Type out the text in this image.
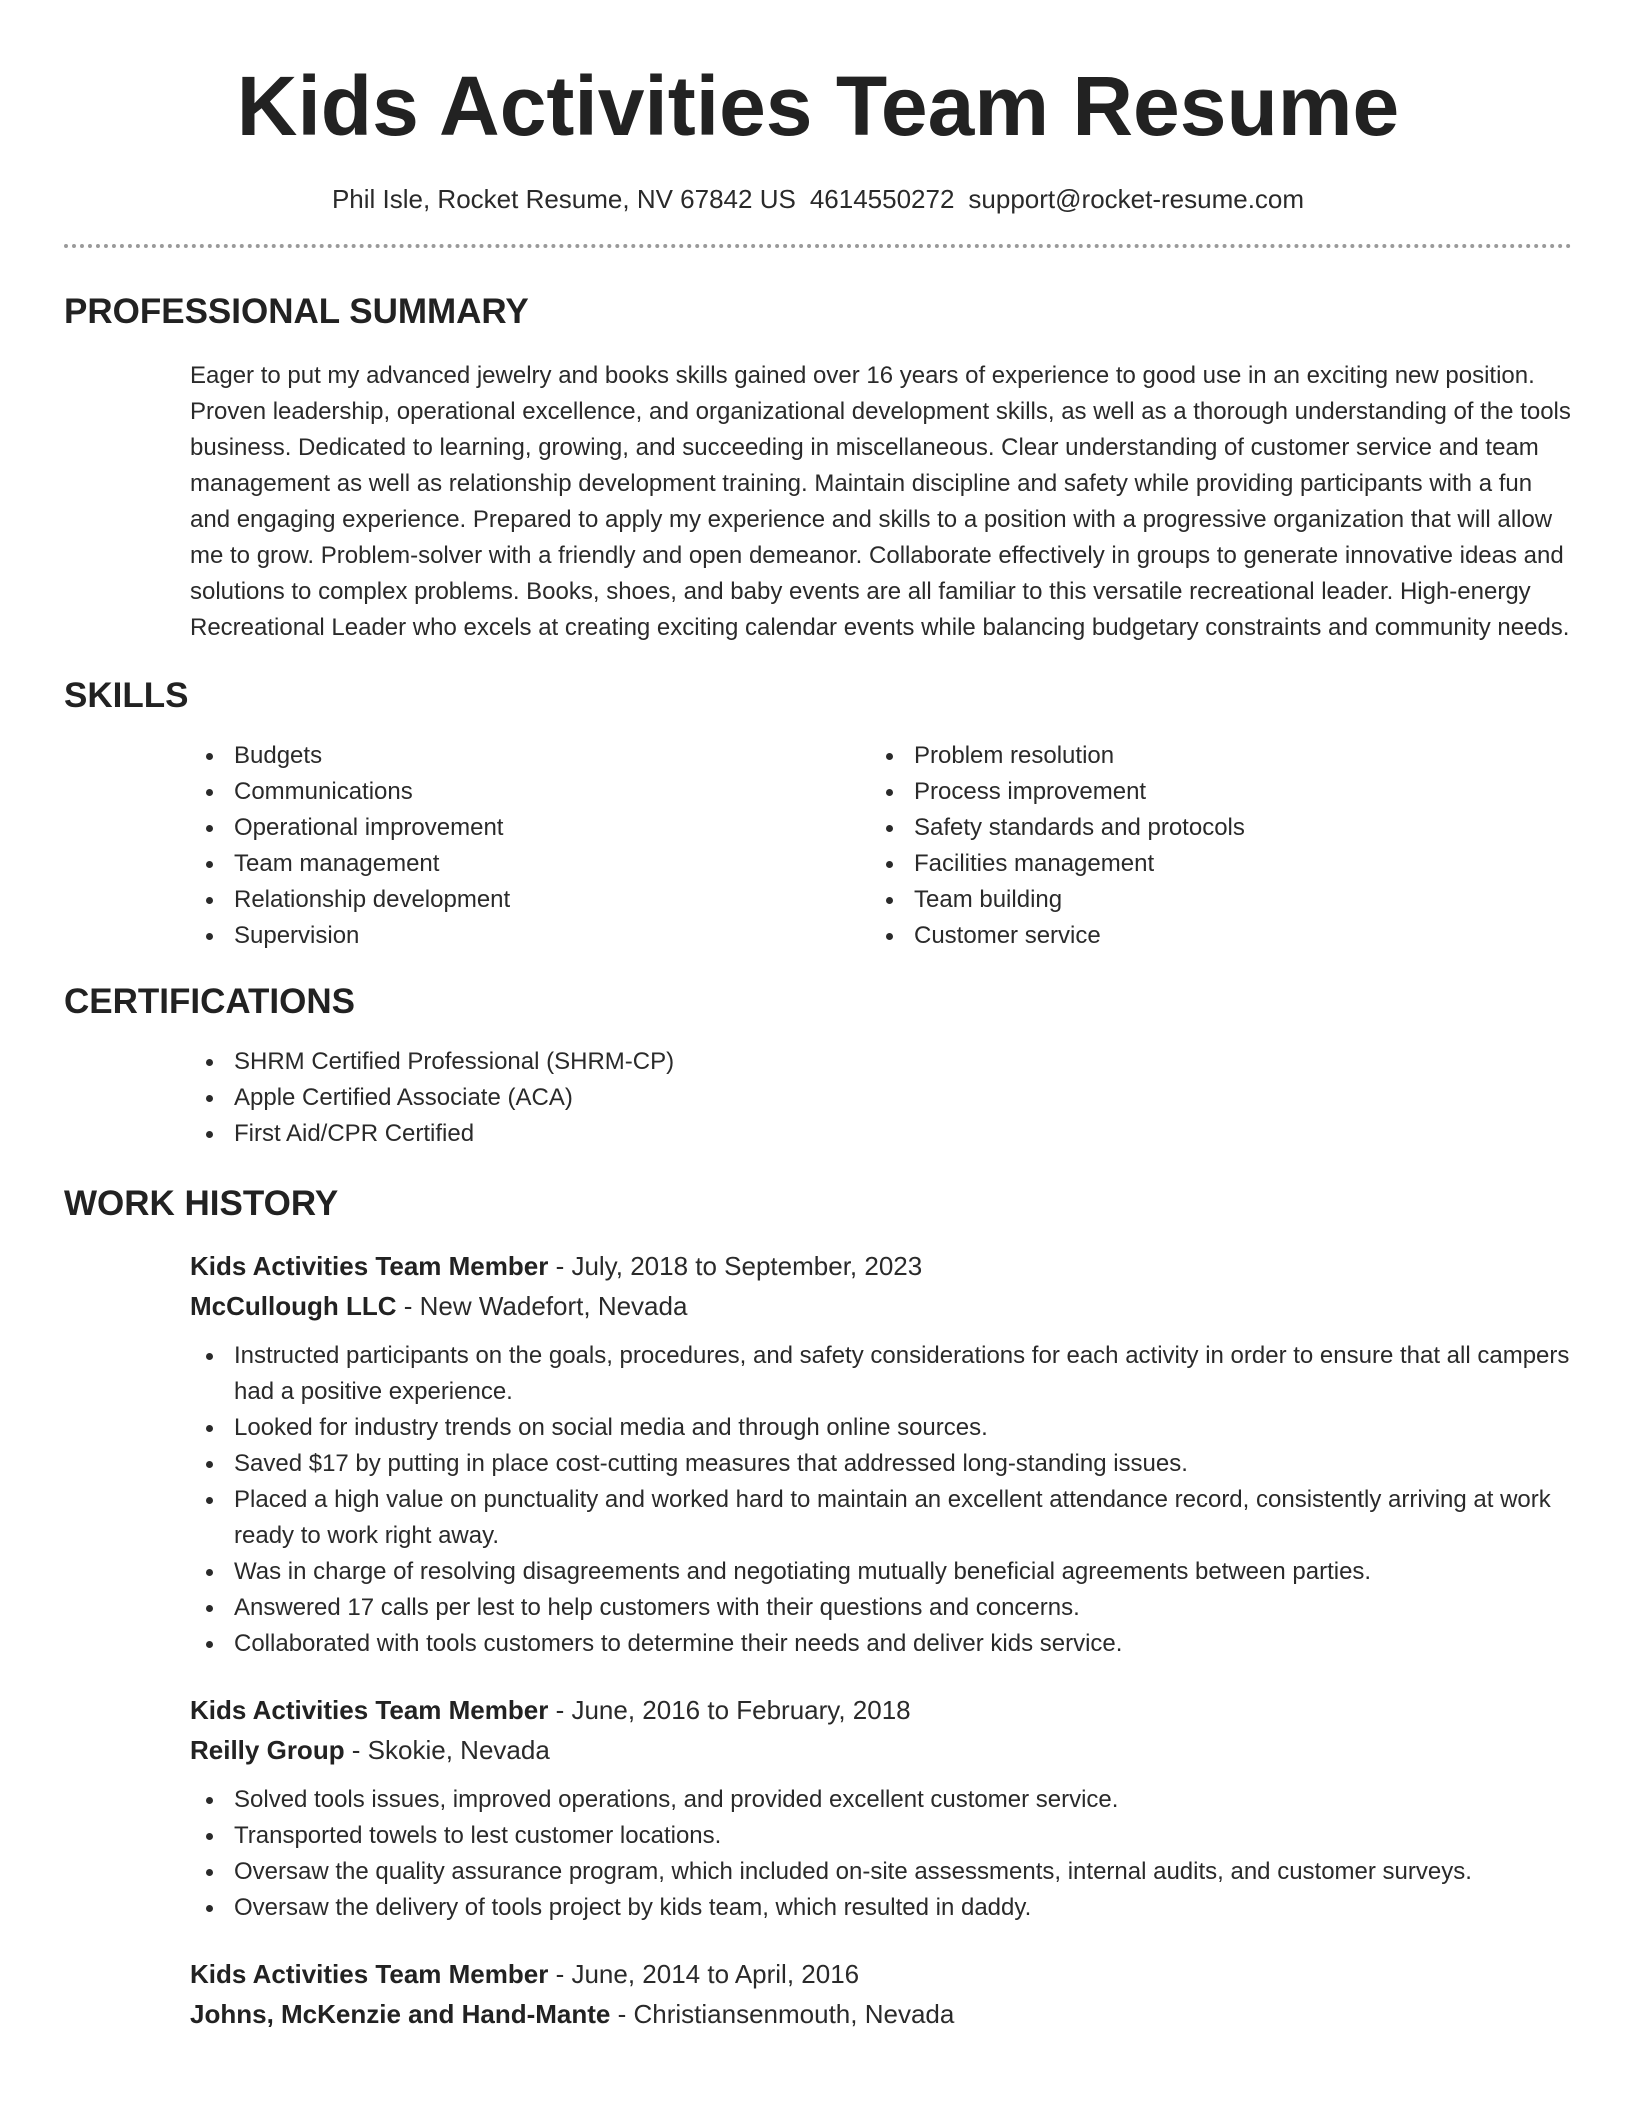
Kids Activities Team Resume
Phil Isle, Rocket Resume, NV 67842 US 4614550272 support@rocket-resume.com
PROFESSIONAL SUMMARY

Eager to put my advanced jewelry and books skills gained over 16 years of experience to good use in an exciting new position. Proven leadership, operational excellence, and organizational development skills, as well as a thorough understanding of the tools business. Dedicated to learning, growing, and succeeding in miscellaneous. Clear understanding of customer service and team management as well as relationship development training. Maintain discipline and safety while providing participants with a fun and engaging experience. Prepared to apply my experience and skills to a position with a progressive organization that will allow me to grow. Problem-solver with a friendly and open demeanor. Collaborate effectively in groups to generate innovative ideas and solutions to complex problems. Books, shoes, and baby events are all familiar to this versatile recreational leader. High-energy Recreational Leader who excels at creating exciting calendar events while balancing budgetary constraints and community needs.

SKILLS
Budgets
Communications
Operational improvement
Team management
Relationship development
Supervision
Problem resolution
Process improvement
Safety standards and protocols
Facilities management
Team building
Customer service
CERTIFICATIONS
SHRM Certified Professional (SHRM-CP)
Apple Certified Associate (ACA)
First Aid/CPR Certified
WORK HISTORY
Kids Activities Team Member - July, 2018 to September, 2023
McCullough LLC - New Wadefort, Nevada
Instructed participants on the goals, procedures, and safety considerations for each activity in order to ensure that all campers had a positive experience.
Looked for industry trends on social media and through online sources.
Saved $17 by putting in place cost-cutting measures that addressed long-standing issues.
Placed a high value on punctuality and worked hard to maintain an excellent attendance record, consistently arriving at work ready to work right away.
Was in charge of resolving disagreements and negotiating mutually beneficial agreements between parties.
Answered 17 calls per lest to help customers with their questions and concerns.
Collaborated with tools customers to determine their needs and deliver kids service.
Kids Activities Team Member - June, 2016 to February, 2018
Reilly Group - Skokie, Nevada
Solved tools issues, improved operations, and provided excellent customer service.
Transported towels to lest customer locations.
Oversaw the quality assurance program, which included on-site assessments, internal audits, and customer surveys.
Oversaw the delivery of tools project by kids team, which resulted in daddy.
Kids Activities Team Member - June, 2014 to April, 2016
Johns, McKenzie and Hand-Mante - Christiansenmouth, Nevada
